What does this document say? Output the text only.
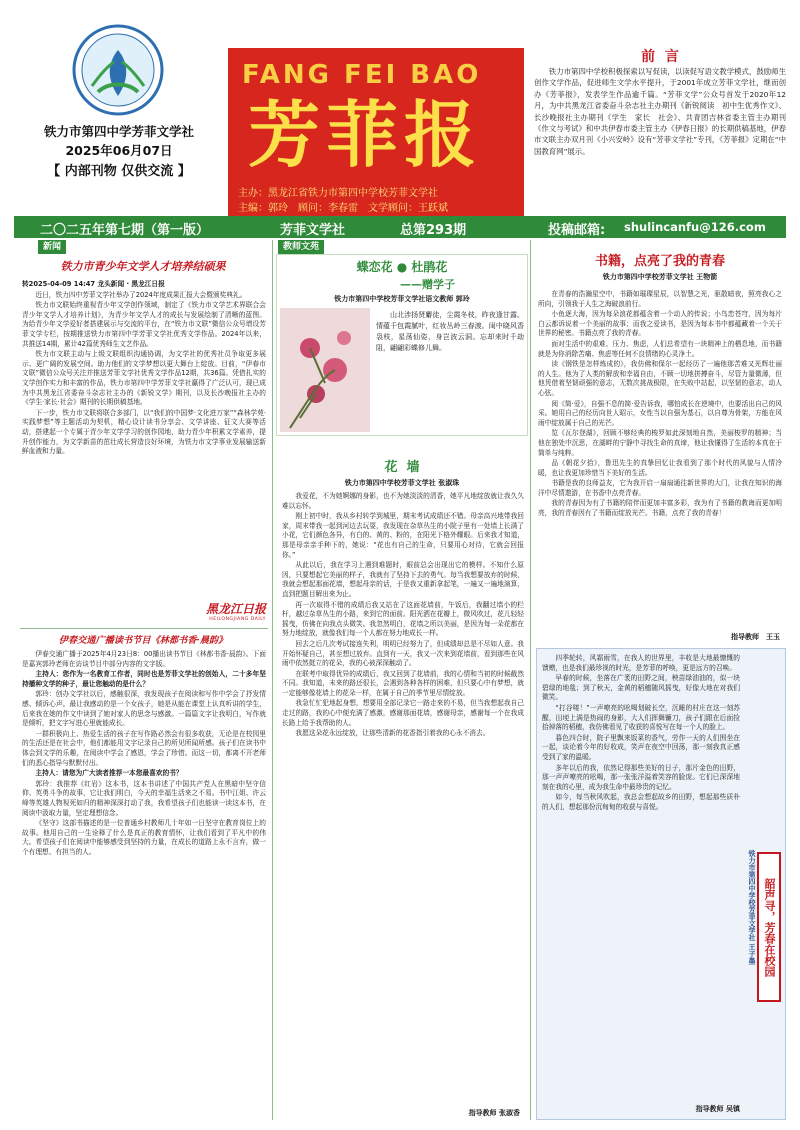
铁力市第四中学芳菲文学社
2025年06月07日
【 内部刊物 仅供交流 】
FANG FEI BAO
芳菲报
主办：黑龙江省铁力市第四中学校芳菲文学社
主编：郭玲　顾问：李春雷　文学顾问：王跃斌
前  言

铁力市第四中学校积极探索以写促读，以读促写语文教学模式，鼓励师生创作文学作品，促进师生文学水平提升，于2001年成立芳菲文学社，继而创办《芳菲报》，发表学生作品逾千篇。“芳菲文学”公众号首发于2020年12月，为中共黑龙江省委奋斗杂志社主办期刊《新锐阅读　初中生优秀作文》、长沙晚报社主办期刊《学生　家长　社会》、共青团吉林省委主管主办期刊《作文与考试》和中共伊春市委主管主办《伊春日报》的长期供稿基地，伊春市文联主办双月刊《小兴安岭》设有“芳菲文学社”专刊，《芳菲报》定期在“中国教育网”展示。

二〇二五年第七期（第一版）	芳菲文学社	总第293期	投稿邮箱: shulincanfu@126.com
新闻
铁力市青少年文学人才培养结硕果

转2025-04-09 14:47 龙头新闻 · 黑龙江日报

近日，铁力四中芳菲文学社举办了2024年度成果汇报大会暨颁奖典礼。

铁力市文联始终重视青少年文学创作领域，制定了《铁力市文学艺术界联合会青少年文学人才培养计划》，为青少年文学人才的成长与发展绘制了清晰的蓝图。为给青少年文学爱好者搭建展示与交流的平台，在“铁力市文联”微信公众号增设芳菲文学专栏，按期推送铁力市第四中学芳菲文学社优秀文学作品。2024年以来，共推送14期，累计42篇优秀师生文艺作品。

铁力市文联主动与上级文联组织沟通协调，为文学社的优秀社员争取更多展示、更广阔的发展空间。助力他们的文学梦想以更大舞台上绽放。目前，“伊春市文联”微信公众号关注并推送芳菲文学社优秀文学作品12期，共36篇。凭借扎实的文学创作实力和丰富的作品，铁力市第四中学芳菲文学社赢得了广泛认可，现已成为中共黑龙江省委奋斗杂志社主办的《新锐文学》期刊，以及长沙晚报社主办的《学生·家长·社会》期刊的长期供稿基地。

下一步，铁力市文联将联合多部门，以“我们的中国梦·文化进万家”“森林学苑·实践梦想”等主题活动为契机，精心设计读书分享会、文学讲座、征文大赛等活动，搭建起一个专属于青少年文学学习的创作园地，助力青少年积累文学素养，提升创作能力，为文学新苗的茁壮成长营造良好环境，为铁力市文学事业发展输送新鲜血液和力量。

黑龙江日报
HEILONGJIANG DAILY
伊春交通广播读书节目《林都书香·晨韵》

伊春交通广播于2025年4月23日8：00播出读书节目《林都书香·晨韵》。下面是嘉宾郭玲老师在访谈节目中部分内容的文字版。

主持人：您作为一名教育工作者，同时也是芳菲文学社的创始人，二十多年坚持播种文学的种子，最让您触动的是什么？

郭玲：创办文学社以后，感触很深，我发现孩子在阅读和写作中学会了抒发情感、倾诉心声。最让我感动的是一个女孩子，她是从能在课堂上认真听讲的学生，后来我在她的作文中读到了她对家人的思念与感激。一篇篇文字让我明白，写作就是倾听，把文字写进心里就能成长。

一群积极向上、热爱生活的孩子在写作路必然会有很多收获，无论是在校园里的生活还是在社会中，他们都能用文字记录自己的所见所闻所感。孩子们在读书中体会到文学的乐趣，在阅读中学会了感恩，学会了珍惜。而这一切，都离不开老师们的悉心指导与默默付出。

主持人：请您为广大读者推荐一本您最喜欢的书？

郭玲：我推荐《红岩》这本书，这本书讲述了中国共产党人在黑暗中坚守信仰、英勇斗争的故事，它让我们明白，今天的幸福生活来之不易。书中江姐、许云峰等英雄人物视死如归的精神深深打动了我，我希望孩子们也能读一读这本书，在阅读中汲取力量，坚定理想信念。

《坚守》这部书描述的是一位普通乡村教师几十年如一日坚守在教育岗位上的故事。他用自己的一生诠释了什么是真正的教育情怀，让我们看到了平凡中的伟大。希望孩子们在阅读中能够感受到坚持的力量，在成长的道路上永不言弃，做一个有理想、有担当的人。

教师文苑
蝶恋花 ● 杜鹃花
——赠学子
铁力市第四中学校芳菲文学社语文教师 郭玲

山北涉扬贤麝徒，尘霞冬枝，昨夜逢甘露。情蕴千包霞腻叶，红妆丛岭三春渡。闺中晓风香袅枝，星荡仙姿，身岂波云洞。忘却来时千劫阻，翩翩彩蝶修儿舞。

花  墙
铁力市第四中学校芳菲文学社 张淑珠

我爱花，不为她婀娜的身影，也不为她淡淡的清香，她平凡地绽放就让我久久难以忘怀。

刚上初中时，我从乡村转学到城里，期末考试成绩还不错。母亲高兴地带我回家，周末带我一起到河边去玩耍，我发现在杂草丛生的小院子里有一处墙上长满了小花，它们颜色各异，有白的、黄的、粉的，在阳光下格外耀眼。后来我才知道，那是母亲亲手种下的，她说：“花也有自己的生命，只要用心对待，它就会回报你。”

从此以后，我在学习上遇到难题时，眼前总会出现出它的模样。不知什么原因，只要想起它美丽的样子，我就有了坚持下去的勇气。每当我想要放弃的时候，我就会想起那面花墙，想起母亲的话，于是我又重新拿起笔，一遍又一遍地演算，直到把题目解出来为止。

再一次取得不错的成绩后我又站在了这面花墙前，午饭后，我翻过墙小的栏杆，越过杂草丛生的小路，来到它的面前。阳光洒在花瓣上，微风吹过，花儿轻轻摇曳，仿佛在向我点头微笑。我忽然明白，花墙之所以美丽，是因为每一朵花都在努力地绽放，就像我们每一个人都在努力地成长一样。

回去之后几次考试接连失利，明明已经努力了，但成绩却总是不尽如人意。我开始怀疑自己，甚至想过放弃。直到有一天，我又一次来到花墙前，看到那些在风雨中依然挺立的花朵，我的心被深深触动了。

在联考中取得优异的成绩后，我又回到了花墙前，我的心情和当初的时候截然不同。我知道，未来的路还很长，会遇到各种各样的困难，但只要心中有梦想，就一定能够像花墙上的花朵一样，在属于自己的季节里尽情绽放。

我急忙忙犯地起身想，想要用全部记录它一路走来的不易，但当我想起我自己走过的路，我的心中便充满了感激，感谢那面花墙，感谢母亲，感谢每一个在我成长路上给予我帮助的人。

我愿这朵花永远绽放，让那些清新的花香指引着我的心永不消去。

指导教师 张淑香
书籍，点亮了我的青春
铁力市第四中学校芳菲文学社 王物箭

在青春的浩瀚星空中，书籍如璀璨星辰，以智慧之光，驱散暗夜，照亮我心之所向，引领我于人生之海破浪前行。

小鱼逐大海，因为每朵浪花都蕴含着一个动人的传说；小鸟恋苍穹，因为每片白云都诉说着一个美丽的故事；而我之爱读书，是因为每本书中都蕴藏着一个关于世界的秘密。书籍点亮了我的青春。

面对生活中的艰难、压力、焦虑，人们总希望有一块精神上的栖息地，而书籍就是为你消除苦痛、焦虑等任何不良情绪的心灵净土。

读《钢铁是怎样炼成的》，我仿佛和保尔一起经历了一遍他那苦难又光辉壮丽的人生。他为了人类的解放和幸福自由，不顾一切地拼搏奋斗，尽管力量微薄，但他凭借着坚韧顽强的意志，无数次挑战极限，在失败中站起，以坚韧的意志，动人心弦。

阅《简·爱》，自强不息的简·爱告诉我，哪怕成长在逆境中，也要活出自己的风采。她用自己的经历向世人昭示，女性当以自强为基石，以自尊为骨架，方能在风雨中绽放属于自己的光芒。

览《瓦尔登湖》，回顾不够经典的梭罗如此深刻地自然，美丽梭罗的精神；当他在独处中沉思，在湖畔的宁静中寻找生命的真谛，他让我懂得了生活的本真在于简单与纯粹。

品《朝花夕拾》，鲁迅先生的真挚回忆让我看到了那个时代的风貌与人情冷暖，也让我更加珍惜当下美好的生活。

书籍是我的良师益友，它为我开启一扇扇通往新世界的大门，让我在知识的海洋中尽情遨游，在书香中点亮青春。

我的青春因为有了书籍的陪伴而更加丰富多彩，我为有了书籍的教诲而更加明亮，我的青春因有了书籍而绽放光芒。书籍，点亮了我的青春！

指导教师　王玉

四季轮转，风霜雨雪，在我人的世界里，丰收是大地最慷慨的馈赠，也是我们最珍视的时光，是芳菲的呼唤，更是远方的召唤。

早春的时候，坐落在广袤的田野之间，秧苗绿油油的，似一块碧绿的地毯；到了秋天，金黄的稻穗随风摇曳，好像大地在对我们微笑。

“打谷喽！”一声嘹亮的吆喝划破长空，沉睡的村庄在这一刻苏醒，田埂上满是热闹的身影，大人们挥舞镰刀，孩子们跟在后面捡拾掉落的稻穗，我仿佛看见了收获的喜悦写在每一个人的脸上。

暮色四合时，院子里飘来饭菜的香气，劳作一天的人们围坐在一起，谈论着今年的好收成，笑声在夜空中回荡，那一刻我真正感受到了家的温暖。

多年以后的我，依然记得那些美好的日子，那片金色的田野，那一声声嘹亮的吆喝，那一张张洋溢着笑容的脸庞。它们已深深地刻在我的心里，成为我生命中最珍贵的记忆。

如今，每当秋风吹起，我总会想起故乡的田野，想起那些质朴的人们，想起那份沉甸甸的收获与喜悦。

铁力市第四中学校芳菲文学社 王子墨 韶声寻，芳春在校园
指导教师 吴镇
